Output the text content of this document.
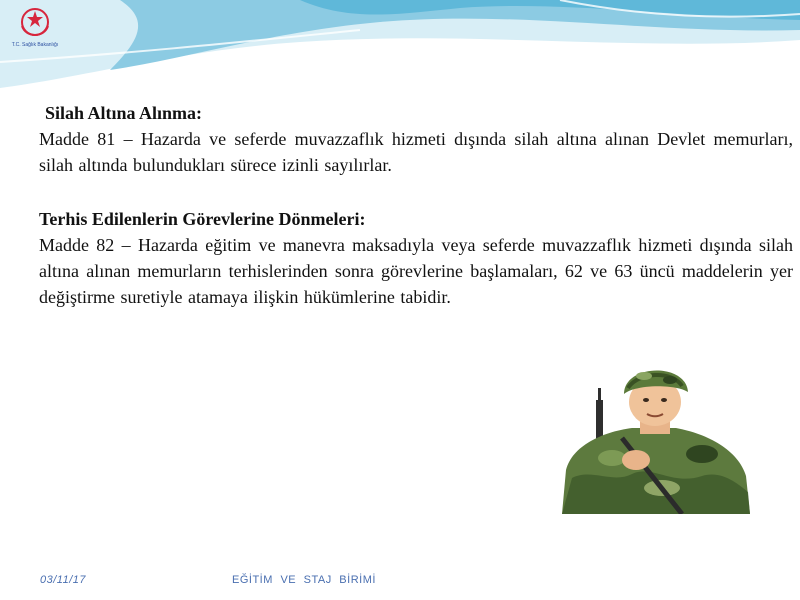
T.C. Sağlık Bakanlığı

Silah Altına Alınma:

Madde 81 – Hazarda ve seferde muvazzaflık hizmeti dışında silah altına alınan Devlet memurları, silah altında bulundukları sürece izinli sayılırlar.

Terhis Edilenlerin Görevlerine Dönmeleri:

Madde 82 – Hazarda eğitim ve manevra maksadıyla veya seferde muvazzaflık hizmeti dışında silah altına alınan memurların terhislerinden sonra görevlerine başlamaları, 62 ve 63 üncü maddelerin yer değiştirme suretiyle atamaya ilişkin hükümlerine tabidir.

03/11/17	EĞİTİM VE STAJ BİRİMİ
